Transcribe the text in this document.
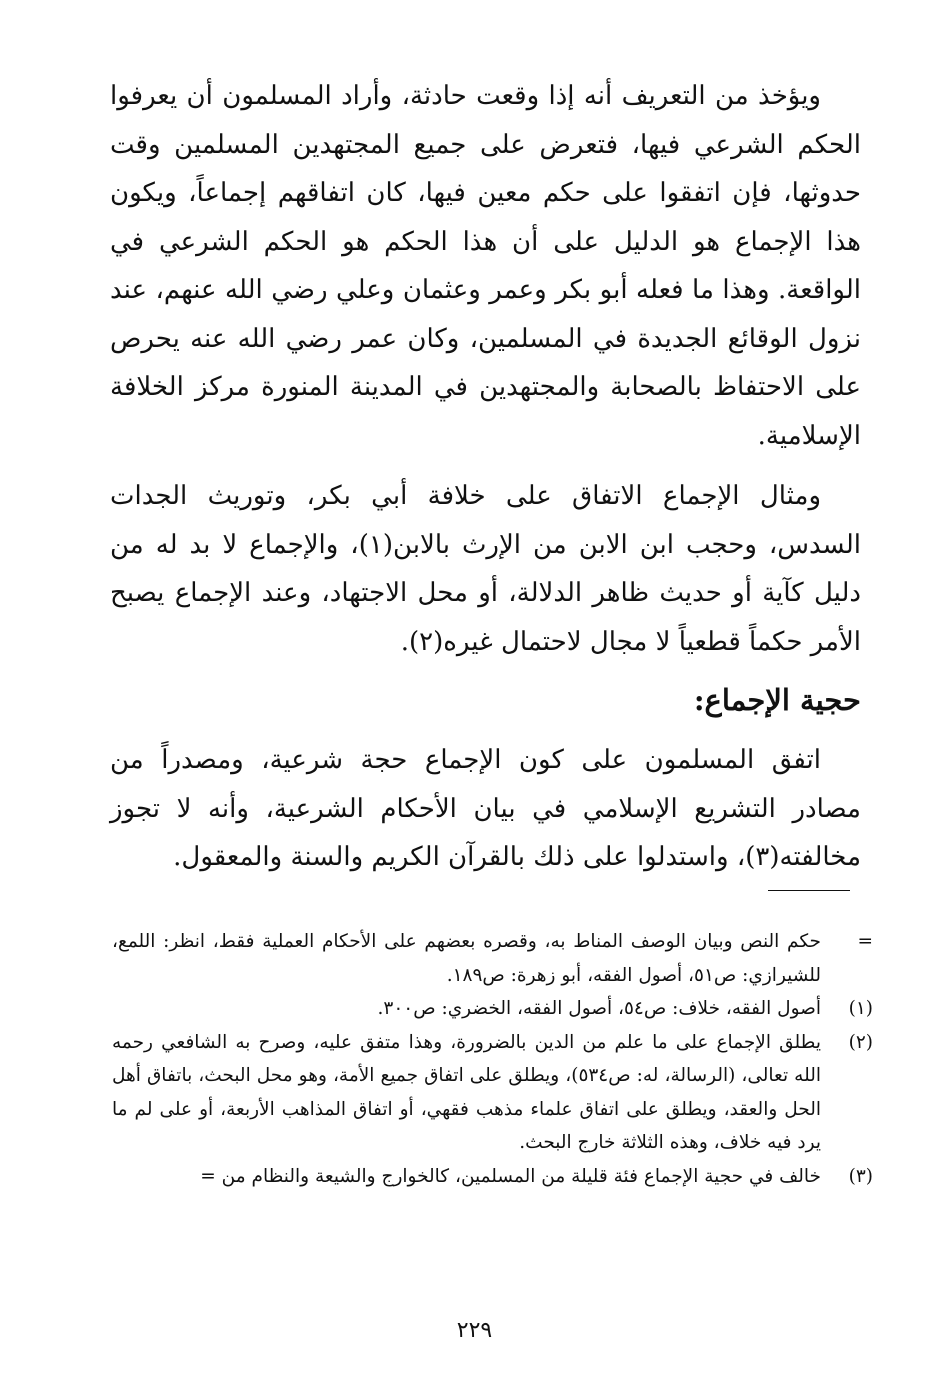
ويؤخذ من التعريف أنه إذا وقعت حادثة، وأراد المسلمون أن يعرفوا الحكم الشرعي فيها، فتعرض على جميع المجتهدين المسلمين وقت حدوثها، فإن اتفقوا على حكم معين فيها، كان اتفاقهم إجماعاً، ويكون هذا الإجماع هو الدليل على أن هذا الحكم هو الحكم الشرعي في الواقعة. وهذا ما فعله أبو بكر وعمر وعثمان وعلي رضي الله عنهم، عند نزول الوقائع الجديدة في المسلمين، وكان عمر رضي الله عنه يحرص على الاحتفاظ بالصحابة والمجتهدين في المدينة المنورة مركز الخلافة الإسلامية.

ومثال الإجماع الاتفاق على خلافة أبي بكر، وتوريث الجدات السدس، وحجب ابن الابن من الإرث بالابن(١)، والإجماع لا بد له من دليل كآية أو حديث ظاهر الدلالة، أو محل الاجتهاد، وعند الإجماع يصبح الأمر حكماً قطعياً لا مجال لاحتمال غيره(٢).

حجية الإجماع:

اتفق المسلمون على كون الإجماع حجة شرعية، ومصدراً من مصادر التشريع الإسلامي في بيان الأحكام الشرعية، وأنه لا تجوز مخالفته(٣)، واستدلوا على ذلك بالقرآن الكريم والسنة والمعقول.

=
حكم النص وبيان الوصف المناط به، وقصره بعضهم على الأحكام العملية فقط، انظر: اللمع، للشيرازي: ص٥١، أصول الفقه، أبو زهرة: ص١٨٩.
(١)
أصول الفقه، خلاف: ص٥٤، أصول الفقه، الخضري: ص٣٠٠.
(٢)
يطلق الإجماع على ما علم من الدين بالضرورة، وهذا متفق عليه، وصرح به الشافعي رحمه الله تعالى، (الرسالة، له: ص٥٣٤)، ويطلق على اتفاق جميع الأمة، وهو محل البحث، باتفاق أهل الحل والعقد، ويطلق على اتفاق علماء مذهب فقهي، أو اتفاق المذاهب الأربعة، أو على لم ما يرد فيه خلاف، وهذه الثلاثة خارج البحث.
(٣)
خالف في حجية الإجماع فئة قليلة من المسلمين، كالخوارج والشيعة والنظام من =
٢٢٩
